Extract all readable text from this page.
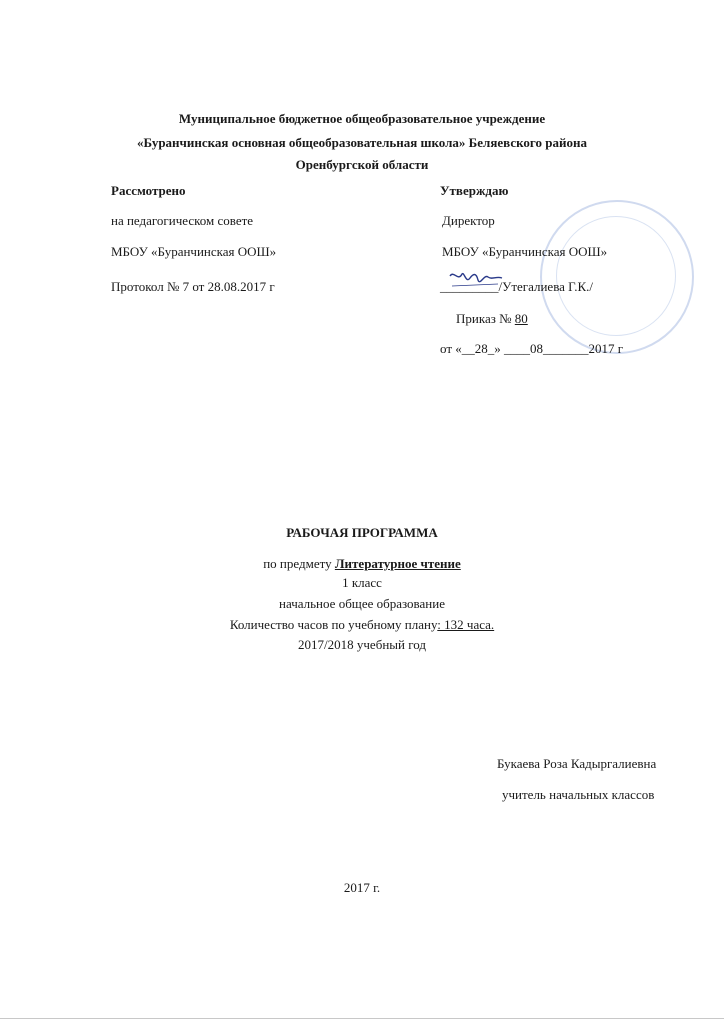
Муниципальное бюджетное общеобразовательное учреждение
«Буранчинская основная общеобразовательная школа» Беляевского района
Оренбургской области
Рассмотрено
на педагогическом совете
МБОУ «Буранчинская ООШ»
Протокол № 7 от 28.08.2017 г
Утверждаю
Директор
МБОУ «Буранчинская ООШ»
_________/Утегалиева Г.К./
Приказ № 80
от «__28_» ____08_______2017 г
РАБОЧАЯ ПРОГРАММА
по предмету Литературное чтение
1 класс
начальное общее образование
Количество часов по учебному плану: 132 часа.
2017/2018 учебный год
Букаева Роза Кадыргалиевна
учитель начальных классов
2017 г.
